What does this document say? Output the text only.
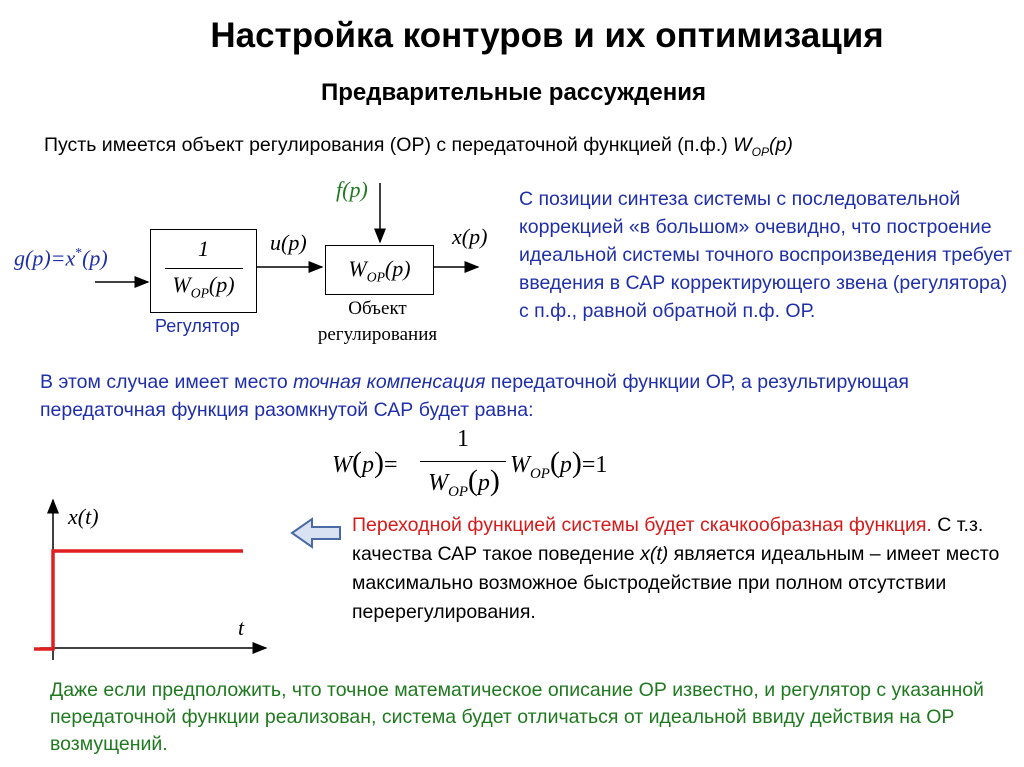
Настройка контуров и их оптимизация
Предварительные рассуждения
Пусть имеется объект регулирования (ОР) с передаточной функцией (п.ф.) $W_{ОР}(p)$
g(p)=x*(p)	1
$W_{OP}(p)$
Регулятор
u(p)
f(p)
$W_{OP}(p)$
Объект
регулирования
x(p)
С позиции синтеза системы с последовательной коррекцией «в большом» очевидно, что построение идеальной системы точного воспроизведения требует введения в САР корректирующего звена (регулятора) с п.ф., равной обратной п.ф. ОР.
В этом случае имеет место точная компенсация передаточной функции ОР, а результирующая передаточная функция разомкнутой САР будет равна:
W(p)=
1
$W_{OP}(p)$ $W_{OP}(p)=1$
x(t)
t
Переходной функцией системы будет скачкообразная функция. С т.з. качества САР такое поведение x(t) является идеальным – имеет место максимально возможное быстродействие при полном отсутствии перерегулирования.
Даже если предположить, что точное математическое описание ОР известно, и регулятор с указанной передаточной функции реализован, система будет отличаться от идеальной ввиду действия на ОР возмущений.
